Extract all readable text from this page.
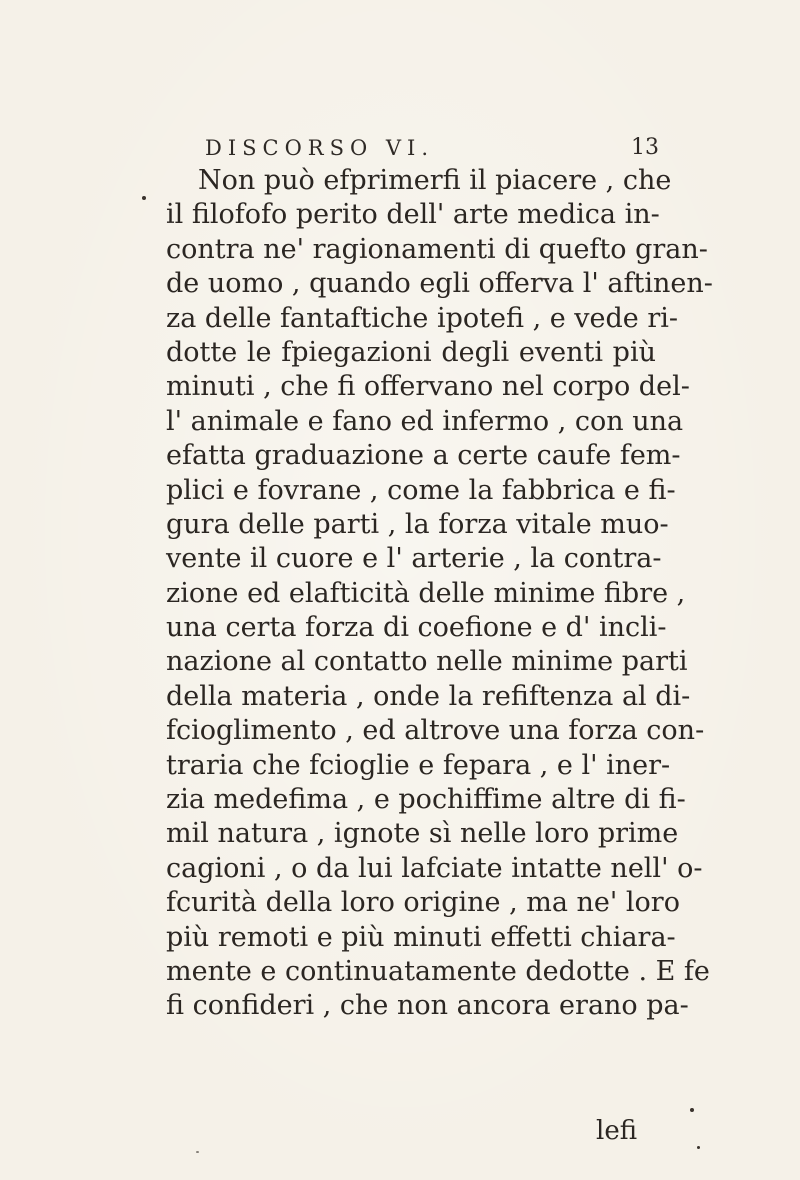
DISCORSO VI.	13
Non può efprimerfi il piacere , che
il filofofo perito dell' arte medica in-
contra ne' ragionamenti di quefto gran-
de uomo , quando egli offerva l' aftinen-
za delle fantaftiche ipotefi , e vede ri-
dotte le fpiegazioni degli eventi più
minuti , che fi offervano nel corpo del-
l' animale e fano ed infermo , con una
efatta graduazione a certe caufe fem-
plici e fovrane , come la fabbrica e fi-
gura delle parti , la forza vitale muo-
vente il cuore e l' arterie , la contra-
zione ed elafticità delle minime fibre ,
una certa forza di coefione e d' incli-
nazione al contatto nelle minime parti
della materia , onde la refiftenza al di-
fcioglimento , ed altrove una forza con-
traria che fcioglie e fepara , e l' iner-
zia medefima , e pochiffime altre di fi-
mil natura , ignote sì nelle loro prime
cagioni , o da lui lafciate intatte nell' o-
fcurità della loro origine , ma ne' loro
più remoti e più minuti effetti chiara-
mente e continuatamente dedotte . E fe
fi confideri , che non ancora erano pa-
lefi
